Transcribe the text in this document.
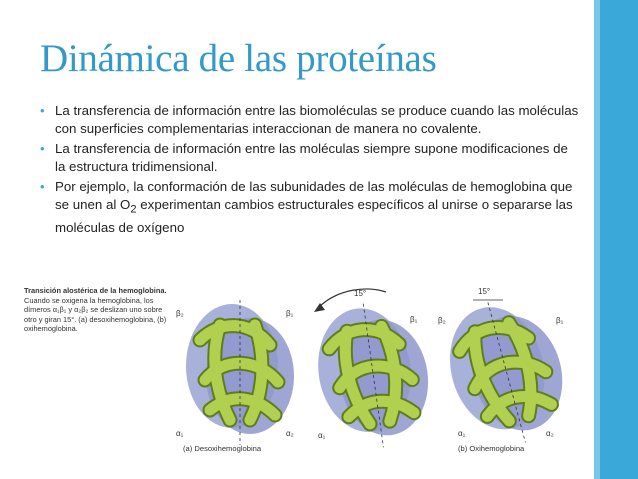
Dinámica de las proteínas
• La transferencia de información entre las biomoléculas se produce cuando las moléculas con superficies complementarias interaccionan de manera no covalente.
• La transferencia de información entre las moléculas siempre supone modificaciones de la estructura tridimensional.
• Por ejemplo, la conformación de las subunidades de las moléculas de hemoglobina que se unen al $O_2$ experimentan cambios estructurales específicos al unirse o separarse las moléculas de oxígeno
Transición alostérica de la hemoglobina.
Cuando se oxigena la hemoglobina, los dímeros α₁β₁ y α₂β₂ se deslizan uno sobre otro y giran 15°. (a) desoxihemoglobina, (b) oxihemoglobina.
15°	15°
β₂	β₁
α₁	α₂
β₁
α₁
β₂	β₁
α₁	α₂
(a) Desoxihemoglobina	(b) Oxihemoglobina
